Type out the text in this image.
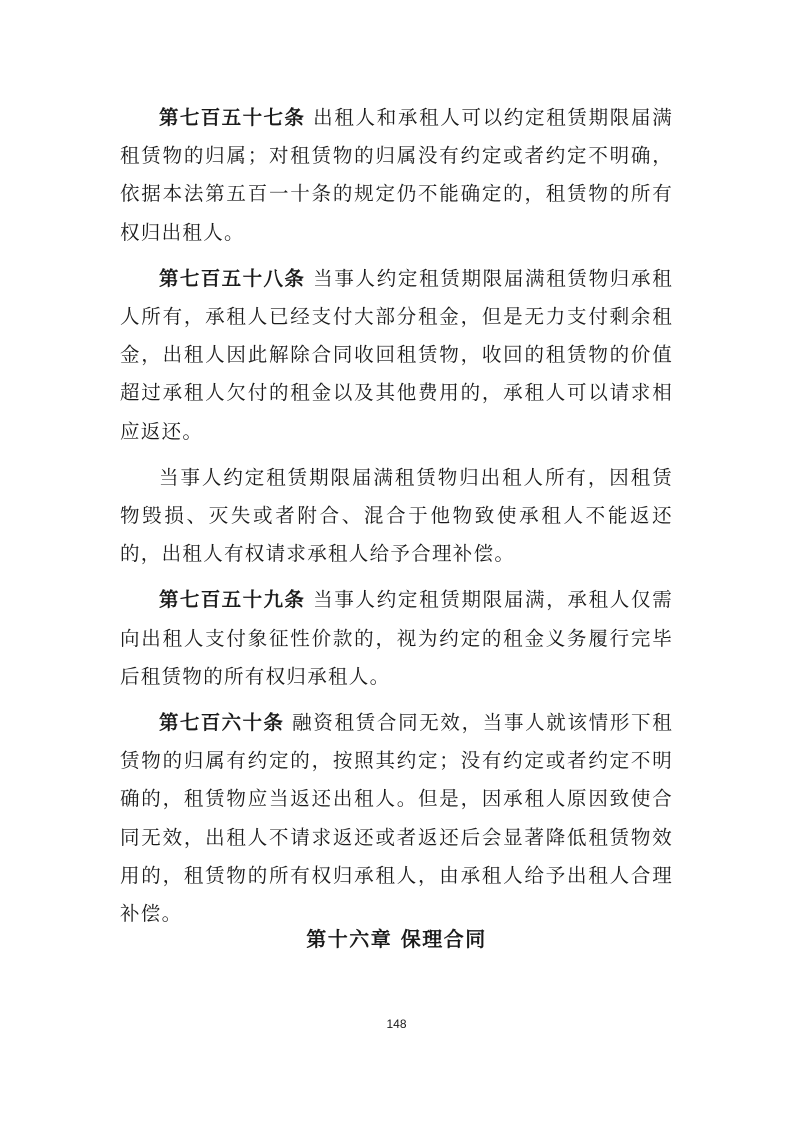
第七百五十七条 出租人和承租人可以约定租赁期限届满租赁物的归属；对租赁物的归属没有约定或者约定不明确，依据本法第五百一十条的规定仍不能确定的，租赁物的所有权归出租人。

第七百五十八条 当事人约定租赁期限届满租赁物归承租人所有，承租人已经支付大部分租金，但是无力支付剩余租金，出租人因此解除合同收回租赁物，收回的租赁物的价值超过承租人欠付的租金以及其他费用的，承租人可以请求相应返还。

当事人约定租赁期限届满租赁物归出租人所有，因租赁物毁损、灭失或者附合、混合于他物致使承租人不能返还的，出租人有权请求承租人给予合理补偿。

第七百五十九条 当事人约定租赁期限届满，承租人仅需向出租人支付象征性价款的，视为约定的租金义务履行完毕后租赁物的所有权归承租人。

第七百六十条 融资租赁合同无效，当事人就该情形下租赁物的归属有约定的，按照其约定；没有约定或者约定不明确的，租赁物应当返还出租人。但是，因承租人原因致使合同无效，出租人不请求返还或者返还后会显著降低租赁物效用的，租赁物的所有权归承租人，由承租人给予出租人合理补偿。

第十六章 保理合同
148
